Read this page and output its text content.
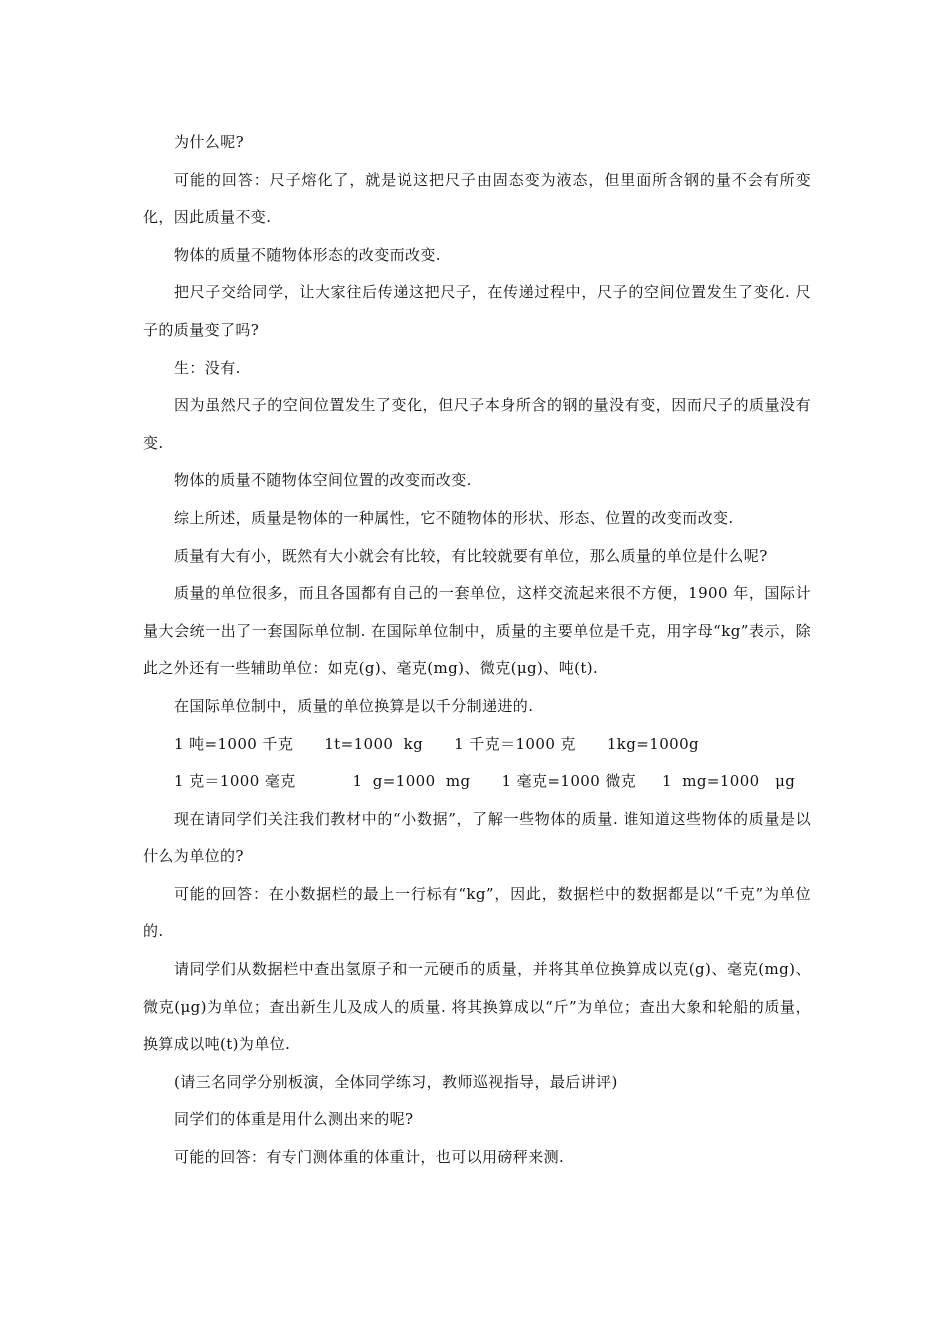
为什么呢?

可能的回答：尺子熔化了，就是说这把尺子由固态变为液态，但里面所含钢的量不会有所变化，因此质量不变.

物体的质量不随物体形态的改变而改变.

把尺子交给同学，让大家往后传递这把尺子，在传递过程中，尺子的空间位置发生了变化. 尺子的质量变了吗?

生：没有.

因为虽然尺子的空间位置发生了变化，但尺子本身所含的钢的量没有变，因而尺子的质量没有变.

物体的质量不随物体空间位置的改变而改变.

综上所述，质量是物体的一种属性，它不随物体的形状、形态、位置的改变而改变.

质量有大有小，既然有大小就会有比较，有比较就要有单位，那么质量的单位是什么呢?

质量的单位很多，而且各国都有自己的一套单位，这样交流起来很不方便，1900 年，国际计量大会统一出了一套国际单位制. 在国际单位制中，质量的主要单位是千克，用字母“kg”表示，除此之外还有一些辅助单位：如克(g)、毫克(mg)、微克(μg)、吨(t).

在国际单位制中，质量的单位换算是以千分制递进的.

1 吨=1000 千克      1t=1000  kg      1 千克＝1000 克      1kg=1000g

1 克＝1000 毫克           1  g=1000  mg      1 毫克=1000 微克     1  mg=1000   μg

现在请同学们关注我们教材中的“小数据”，了解一些物体的质量. 谁知道这些物体的质量是以什么为单位的?

可能的回答：在小数据栏的最上一行标有“kg”，因此，数据栏中的数据都是以“千克”为单位的.

请同学们从数据栏中查出氢原子和一元硬币的质量，并将其单位换算成以克(g)、毫克(mg)、微克(μg)为单位；查出新生儿及成人的质量. 将其换算成以“斤”为单位；查出大象和轮船的质量，换算成以吨(t)为单位.

(请三名同学分别板演，全体同学练习，教师巡视指导，最后讲评)

同学们的体重是用什么测出来的呢?

可能的回答：有专门测体重的体重计，也可以用磅秤来测.
